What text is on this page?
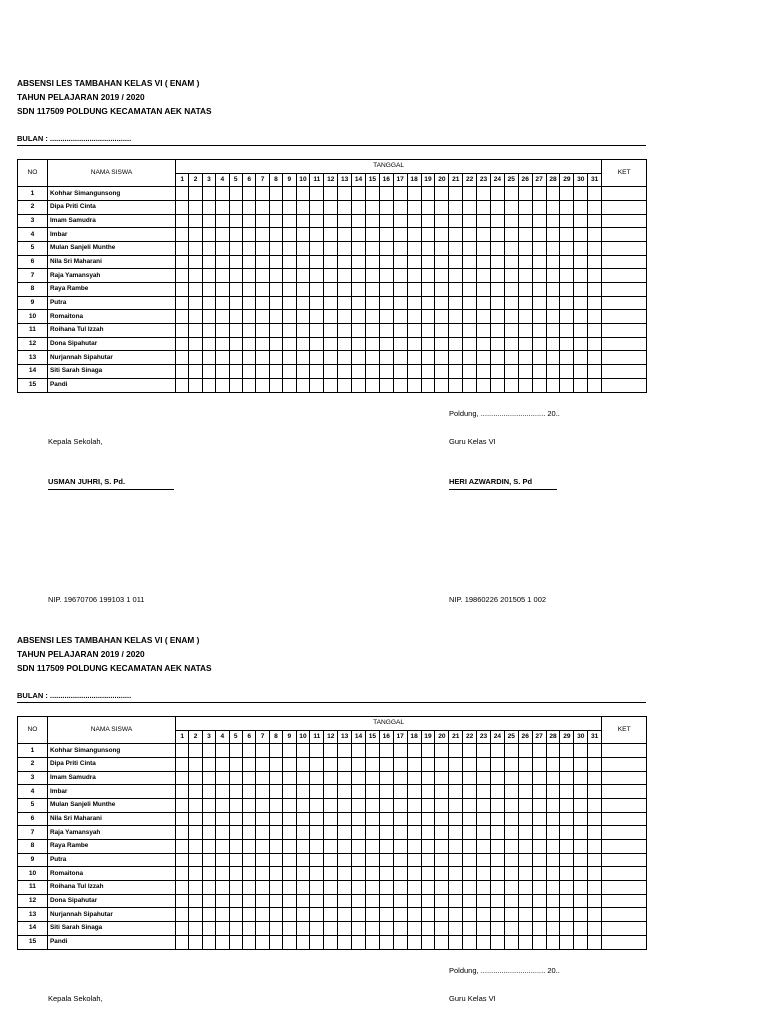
ABSENSI LES TAMBAHAN KELAS VI ( ENAM )
TAHUN PELAJARAN 2019 / 2020
SDN 117509 POLDUNG KECAMATAN AEK NATAS
BULAN : .......................................
NO	NAMA SISWA	TANGGAL																															KET
		1	2	3	4	5	6	7	8	9	10	11	12	13	14	15	16	17	18	19	20	21	22	23	24	25	26	27	28	29	30	31	
1	Kohhar Simangunsong																																
2	Dipa Priti Cinta																																
3	Imam Samudra																																
4	Imbar																																
5	Mulan Sanjeli Munthe																																
6	Nila Sri Maharani																																
7	Raja Yamansyah																																
8	Raya Rambe																																
9	Putra																																
10	Romaitona																																
11	Roihana Tul Izzah																																
12	Dona Sipahutar																																
13	Nurjannah Sipahutar																																
14	Siti Sarah Sinaga																																
15	Pandi																																
Poldung, ............................... 20..
Kepala Sekolah,	Guru Kelas VI
USMAN JUHRI, S. Pd.	HERI AZWARDIN, S. Pd
NIP. 19670706 199103 1 011	NIP. 19860226 201505 1 002
ABSENSI LES TAMBAHAN KELAS VI ( ENAM )
TAHUN PELAJARAN 2019 / 2020
SDN 117509 POLDUNG KECAMATAN AEK NATAS
BULAN : .......................................
NO	NAMA SISWA	TANGGAL																															KET
		1	2	3	4	5	6	7	8	9	10	11	12	13	14	15	16	17	18	19	20	21	22	23	24	25	26	27	28	29	30	31	
1	Kohhar Simangunsong																																
2	Dipa Priti Cinta																																
3	Imam Samudra																																
4	Imbar																																
5	Mulan Sanjeli Munthe																																
6	Nila Sri Maharani																																
7	Raja Yamansyah																																
8	Raya Rambe																																
9	Putra																																
10	Romaitona																																
11	Roihana Tul Izzah																																
12	Dona Sipahutar																																
13	Nurjannah Sipahutar																																
14	Siti Sarah Sinaga																																
15	Pandi																																
Poldung, ............................... 20..
Kepala Sekolah,	Guru Kelas VI
